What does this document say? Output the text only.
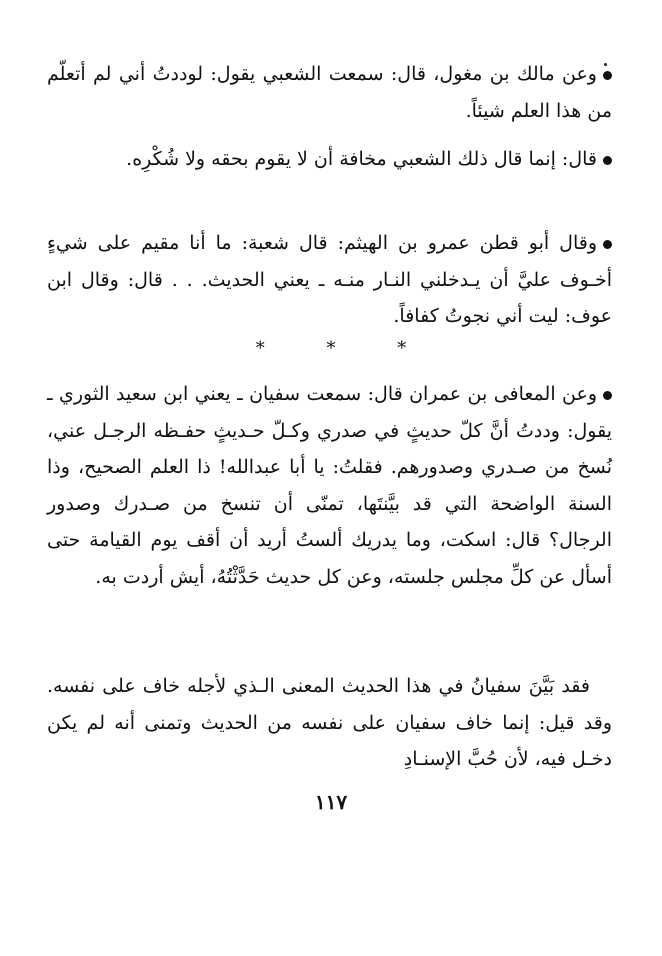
وعن مالك بن مغول، قال: سمعت الشعبي يقول: لوددتُ أني لم أتعلّم من هذا العلم شيئاً.

قال: إنما قال ذلك الشعبي مخافة أن لا يقوم بحقه ولا شُكْرِه.

وقال أبو قطن عمرو بن الهيثم: قال شعبة: ما أنا مقيم على شيءٍ أخـوف عليَّ أن يـدخلني النـار منـه ـ يعني الحديث. . . قال: وقال ابن عوف: ليت أني نجوتُ كفافاً.

* * *

وعن المعافى بن عمران قال: سمعت سفيان ـ يعني ابن سعيد الثوري ـ يقول: وددتُ أنَّ كلّ حديثٍ في صدري وكـلّ حـديثٍ حفـظه الرجـل عني، نُسخ من صـدري وصدورهم. فقلتُ: يا أبا عبدالله! ذا العلم الصحيح، وذا السنة الواضحة التي قد بيَّنتَها، تمنّى أن تنسخ من صـدرك وصدور الرجال؟ قال: اسكت، وما يدريك ألستُ أريد أن أقف يوم القيامة حتى أسأل عن كلِّ مجلس جلسته، وعن كل حديث حَدَّثْتُهُ، أيش أردت به.

فقد بَيَّنَ سفيانُ في هذا الحديث المعنى الـذي لأجله خاف على نفسه. وقد قيل: إنما خاف سفيان على نفسه من الحديث وتمنى أنه لم يكن دخـل فيه، لأن حُبَّ الإسنـادِ

١١٧
